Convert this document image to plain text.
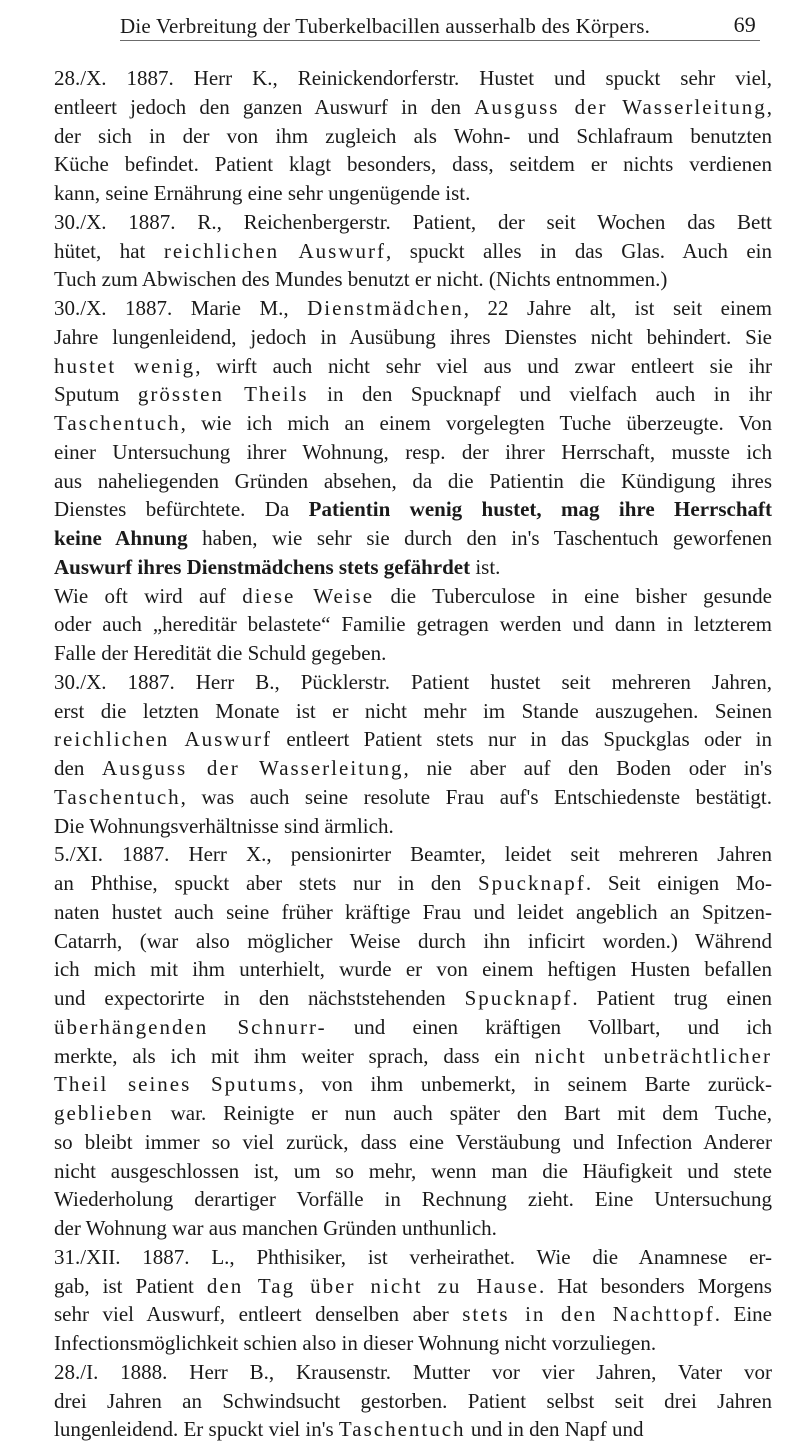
Die Verbreitung der Tuberkelbacillen ausserhalb des Körpers.	69
28./X. 1887. Herr K., Reinickendorferstr. Hustet und spuckt sehr viel,
entleert jedoch den ganzen Auswurf in den Ausguss der Wasserleitung,
der sich in der von ihm zugleich als Wohn- und Schlafraum benutzten
Küche befindet. Patient klagt besonders, dass, seitdem er nichts verdienen
kann, seine Ernährung eine sehr ungenügende ist.
30./X. 1887. R., Reichenbergerstr. Patient, der seit Wochen das Bett
hütet, hat reichlichen Auswurf, spuckt alles in das Glas. Auch ein
Tuch zum Abwischen des Mundes benutzt er nicht. (Nichts entnommen.)
30./X. 1887. Marie M., Dienstmädchen, 22 Jahre alt, ist seit einem
Jahre lungenleidend, jedoch in Ausübung ihres Dienstes nicht behindert. Sie
hustet wenig, wirft auch nicht sehr viel aus und zwar entleert sie ihr
Sputum grössten Theils in den Spucknapf und vielfach auch in ihr
Taschentuch, wie ich mich an einem vorgelegten Tuche überzeugte. Von
einer Untersuchung ihrer Wohnung, resp. der ihrer Herrschaft, musste ich
aus naheliegenden Gründen absehen, da die Patientin die Kündigung ihres
Dienstes befürchtete. Da Patientin wenig hustet, mag ihre Herrschaft
keine Ahnung haben, wie sehr sie durch den in's Taschentuch geworfenen
Auswurf ihres Dienstmädchens stets gefährdet ist.
Wie oft wird auf diese Weise die Tuberculose in eine bisher gesunde
oder auch „hereditär belastete“ Familie getragen werden und dann in letzterem
Falle der Heredität die Schuld gegeben.
30./X. 1887. Herr B., Pücklerstr. Patient hustet seit mehreren Jahren,
erst die letzten Monate ist er nicht mehr im Stande auszugehen. Seinen
reichlichen Auswurf entleert Patient stets nur in das Spuckglas oder in
den Ausguss der Wasserleitung, nie aber auf den Boden oder in's
Taschentuch, was auch seine resolute Frau auf's Entschiedenste bestätigt.
Die Wohnungsverhältnisse sind ärmlich.
5./XI. 1887. Herr X., pensionirter Beamter, leidet seit mehreren Jahren
an Phthise, spuckt aber stets nur in den Spucknapf. Seit einigen Mo-
naten hustet auch seine früher kräftige Frau und leidet angeblich an Spitzen-
Catarrh, (war also möglicher Weise durch ihn inficirt worden.) Während
ich mich mit ihm unterhielt, wurde er von einem heftigen Husten befallen
und expectorirte in den nächststehenden Spucknapf. Patient trug einen
überhängenden Schnurr- und einen kräftigen Vollbart, und ich
merkte, als ich mit ihm weiter sprach, dass ein nicht unbeträchtlicher
Theil seines Sputums, von ihm unbemerkt, in seinem Barte zurück-
geblieben war. Reinigte er nun auch später den Bart mit dem Tuche,
so bleibt immer so viel zurück, dass eine Verstäubung und Infection Anderer
nicht ausgeschlossen ist, um so mehr, wenn man die Häufigkeit und stete
Wiederholung derartiger Vorfälle in Rechnung zieht. Eine Untersuchung
der Wohnung war aus manchen Gründen unthunlich.
31./XII. 1887. L., Phthisiker, ist verheirathet. Wie die Anamnese er-
gab, ist Patient den Tag über nicht zu Hause. Hat besonders Morgens
sehr viel Auswurf, entleert denselben aber stets in den Nachttopf. Eine
Infectionsmöglichkeit schien also in dieser Wohnung nicht vorzuliegen.
28./I. 1888. Herr B., Krausenstr. Mutter vor vier Jahren, Vater vor
drei Jahren an Schwindsucht gestorben. Patient selbst seit drei Jahren
lungenleidend. Er spuckt viel in's Taschentuch und in den Napf und
